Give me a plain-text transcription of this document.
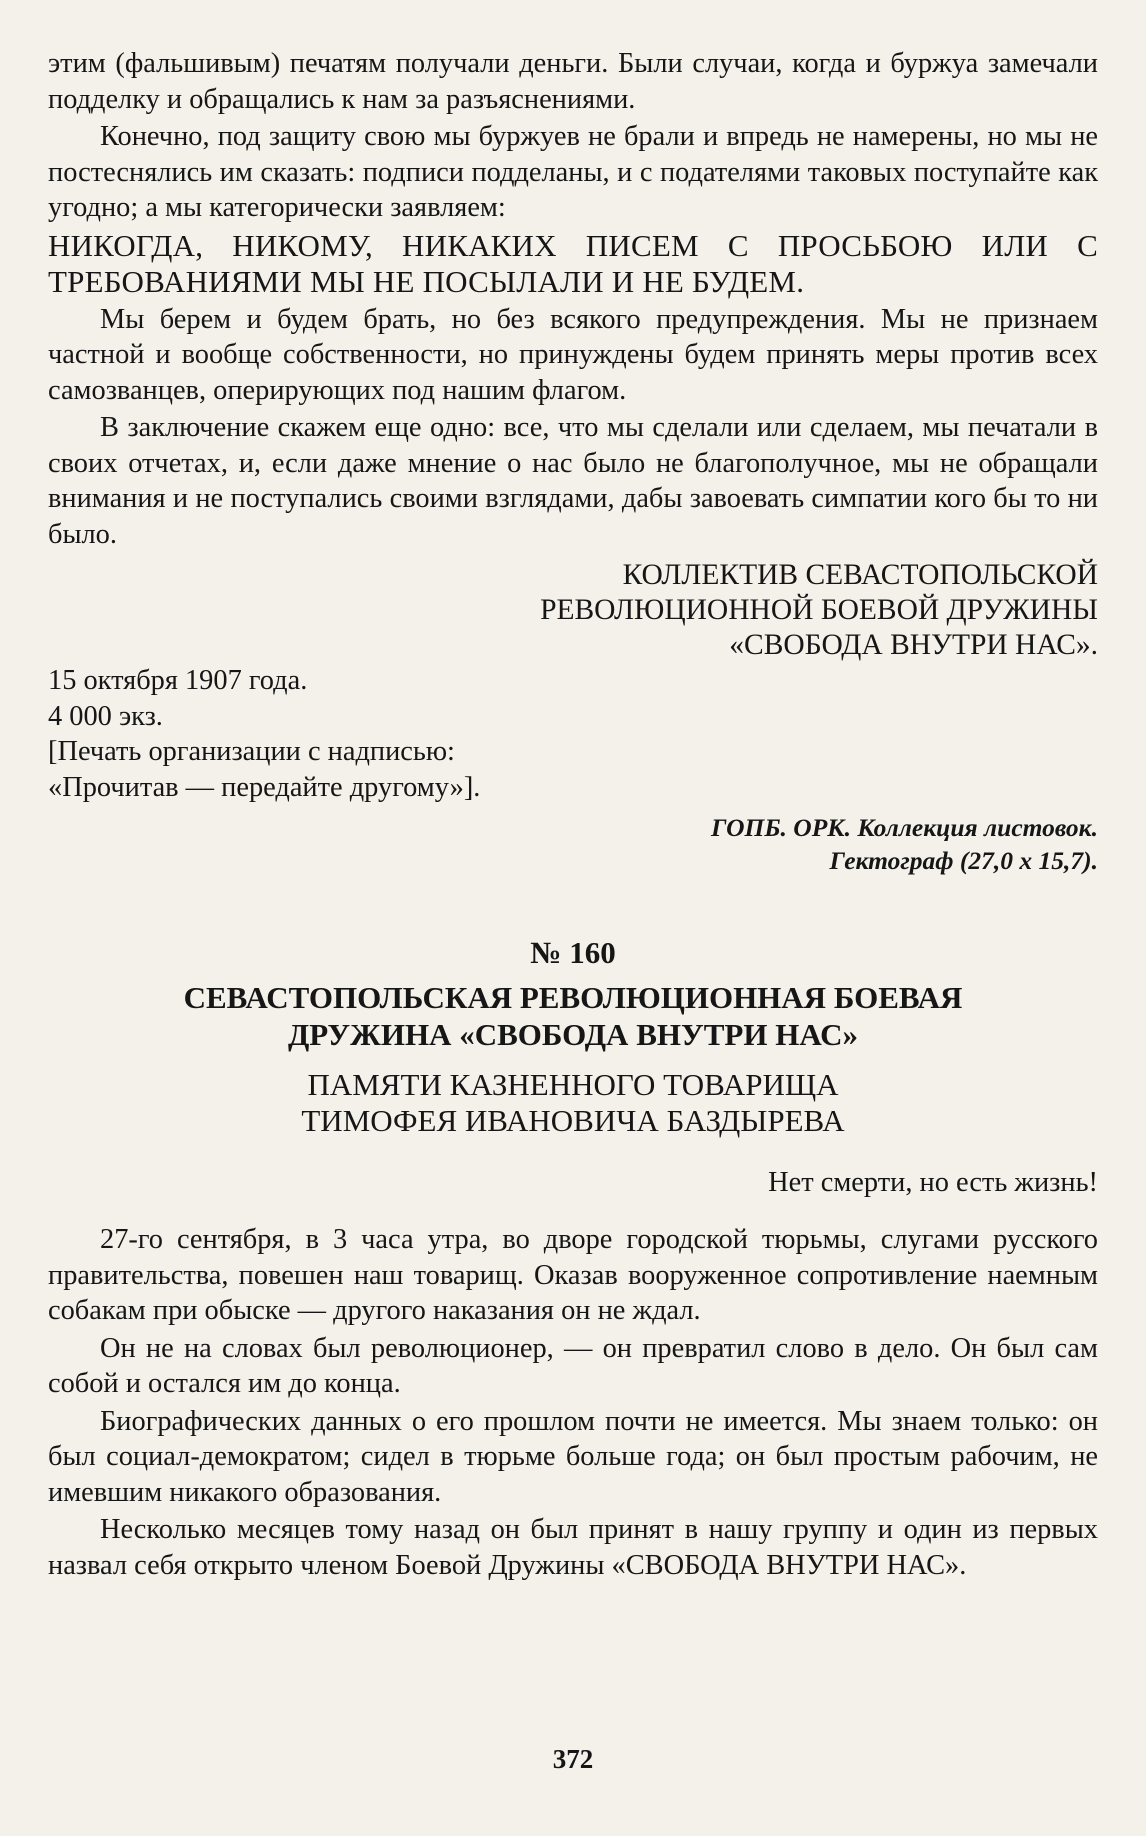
этим (фальшивым) печатям получали деньги. Были случаи, когда и буржуа замечали подделку и обращались к нам за разъяснениями.

Конечно, под защиту свою мы буржуев не брали и впредь не намерены, но мы не постеснялись им сказать: подписи подделаны, и с подателями таковых поступайте как угодно; а мы категорически заявляем:

НИКОГДА, НИКОМУ, НИКАКИХ ПИСЕМ С ПРОСЬБОЮ ИЛИ С ТРЕБОВАНИЯМИ МЫ НЕ ПОСЫЛАЛИ И НЕ БУДЕМ.

Мы берем и будем брать, но без всякого предупреждения. Мы не признаем частной и вообще собственности, но принуждены будем принять меры против всех самозванцев, оперирующих под нашим флагом.

В заключение скажем еще одно: все, что мы сделали или сделаем, мы печатали в своих отчетах, и, если даже мнение о нас было не благополучное, мы не обращали внимания и не поступались своими взглядами, дабы завоевать симпатии кого бы то ни было.

КОЛЛЕКТИВ СЕВАСТОПОЛЬСКОЙ
РЕВОЛЮЦИОННОЙ БОЕВОЙ ДРУЖИНЫ
«СВОБОДА ВНУТРИ НАС».

15 октября 1907 года.

4 000 экз.

[Печать организации с надписью:

«Прочитав — передайте другому»].

ГОПБ. ОРК. Коллекция листовок.
Гектограф (27,0 x 15,7).
№ 160
СЕВАСТОПОЛЬСКАЯ РЕВОЛЮЦИОННАЯ БОЕВАЯ
ДРУЖИНА «СВОБОДА ВНУТРИ НАС»
ПАМЯТИ КАЗНЕННОГО ТОВАРИЩА
ТИМОФЕЯ ИВАНОВИЧА БАЗДЫРЕВА
Нет смерти, но есть жизнь!

27-го сентября, в 3 часа утра, во дворе городской тюрьмы, слугами русского правительства, повешен наш товарищ. Оказав вооруженное сопротивление наемным собакам при обыске — другого наказания он не ждал.

Он не на словах был революционер, — он превратил слово в дело. Он был сам собой и остался им до конца.

Биографических данных о его прошлом почти не имеется. Мы знаем только: он был социал-демократом; сидел в тюрьме больше года; он был простым рабочим, не имевшим никакого образования.

Несколько месяцев тому назад он был принят в нашу группу и один из первых назвал себя открыто членом Боевой Дружины «СВОБОДА ВНУТРИ НАС».

372
